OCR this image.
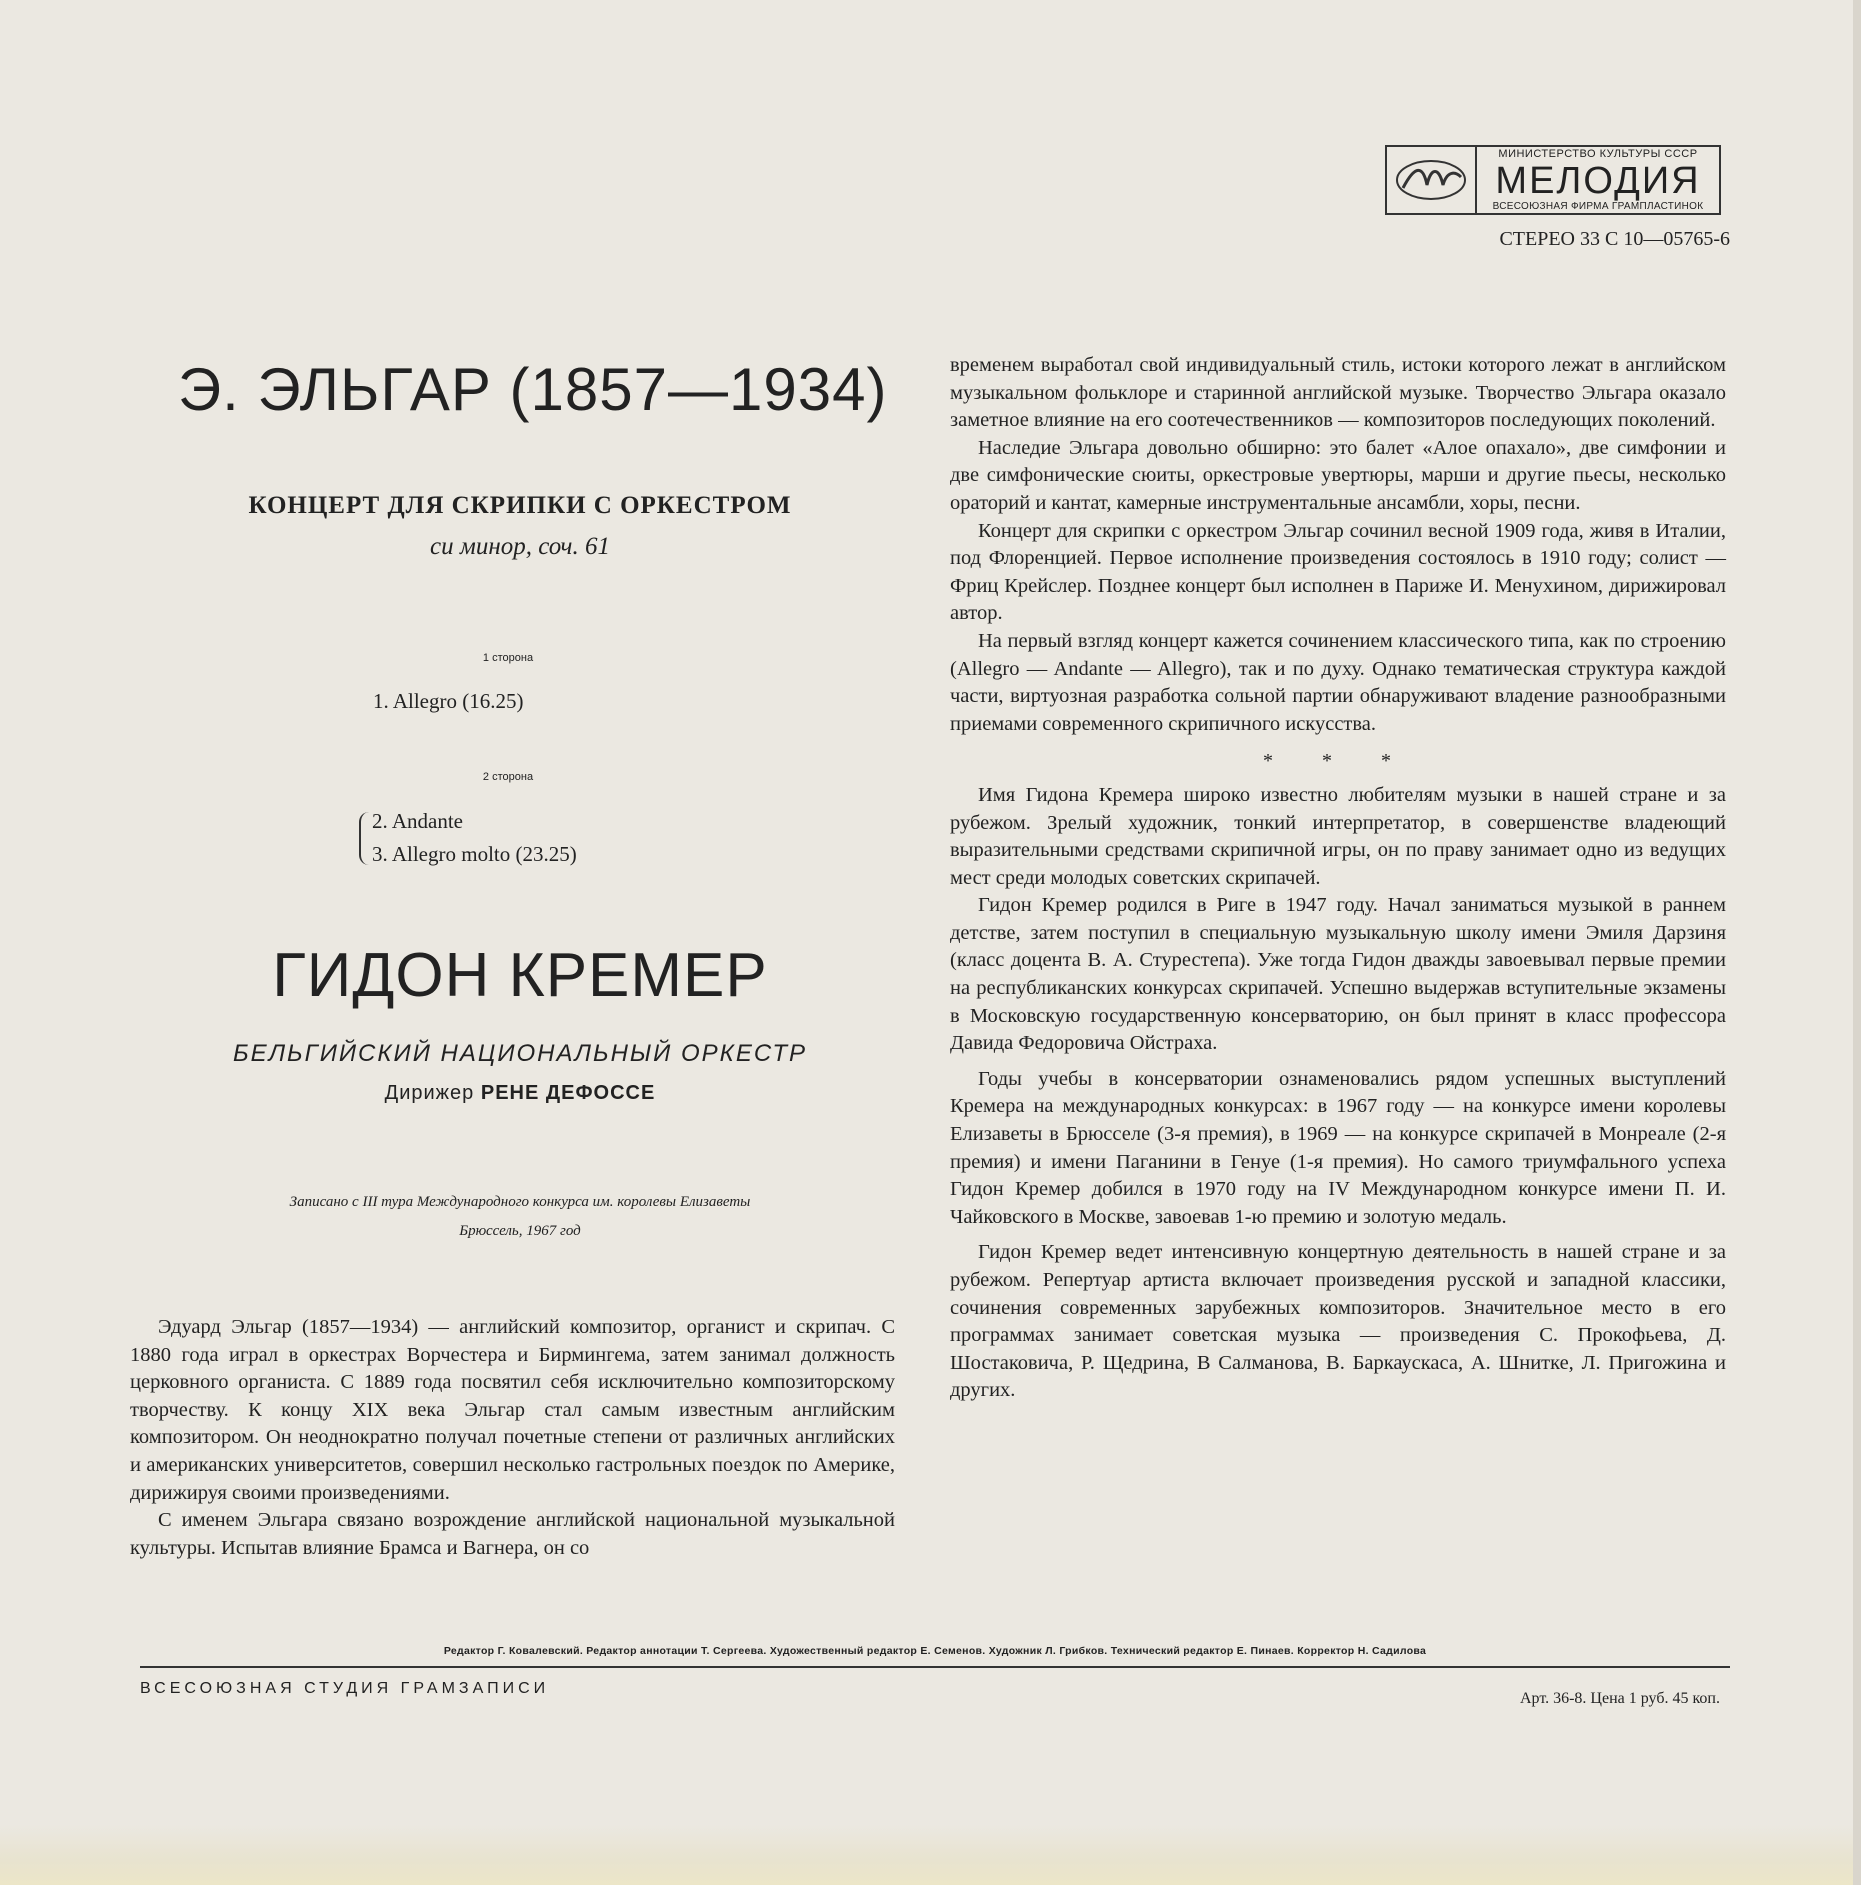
МИНИСТЕРСТВО КУЛЬТУРЫ СССР
МЕЛОДИЯ
ВСЕСОЮЗНАЯ ФИРМА ГРАМПЛАСТИНОК
СТЕРЕО 33 С 10—05765-6
Э. ЭЛЬГАР (1857—1934)
КОНЦЕРТ ДЛЯ СКРИПКИ С ОРКЕСТРОМ
си минор, соч. 61
1 сторона
1. Allegro (16.25)
2 сторона
2. Andante
3. Allegro molto (23.25)
ГИДОН КРЕМЕР
БЕЛЬГИЙСКИЙ НАЦИОНАЛЬНЫЙ ОРКЕСТР
Дирижер РЕНЕ ДЕФОССЕ
Записано с III тура Международного конкурса им. королевы Елизаветы
Брюссель, 1967 год

Эдуард Эльгар (1857—1934) — английский композитор, органист и скрипач. С 1880 года играл в оркестрах Ворчестера и Бирмингема, затем занимал должность церковного органиста. С 1889 года посвятил себя исключительно композиторскому творчеству. К концу XIX века Эльгар стал самым известным английским композитором. Он неоднократно получал почетные степени от различных английских и американских университетов, совершил несколько гастрольных поездок по Америке, дирижируя своими произведениями.

С именем Эльгара связано возрождение английской национальной музыкальной культуры. Испытав влияние Брамса и Вагнера, он со

временем выработал свой индивидуальный стиль, истоки которого лежат в английском музыкальном фольклоре и старинной английской музыке. Творчество Эльгара оказало заметное влияние на его соотечественников — композиторов последующих поколений.

Наследие Эльгара довольно обширно: это балет «Алое опахало», две симфонии и две симфонические сюиты, оркестровые увертюры, марши и другие пьесы, несколько ораторий и кантат, камерные инструментальные ансамбли, хоры, песни.

Концерт для скрипки с оркестром Эльгар сочинил весной 1909 года, живя в Италии, под Флоренцией. Первое исполнение произведения состоялось в 1910 году; солист — Фриц Крейслер. Позднее концерт был исполнен в Париже И. Менухином, дирижировал автор.

На первый взгляд концерт кажется сочинением классического типа, как по строению (Allegro — Andante — Allegro), так и по духу. Однако тематическая структура каждой части, виртуозная разработка сольной партии обнаруживают владение разнообразными приемами современного скрипичного искусства.

* * *

Имя Гидона Кремера широко известно любителям музыки в нашей стране и за рубежом. Зрелый художник, тонкий интерпретатор, в совершенстве владеющий выразительными средствами скрипичной игры, он по праву занимает одно из ведущих мест среди молодых советских скрипачей.

Гидон Кремер родился в Риге в 1947 году. Начал заниматься музыкой в раннем детстве, затем поступил в специальную музыкальную школу имени Эмиля Дарзиня (класс доцента В. А. Стурестепа). Уже тогда Гидон дважды завоевывал первые премии на республиканских конкурсах скрипачей. Успешно выдержав вступительные экзамены в Московскую государственную консерваторию, он был принят в класс профессора Давида Федоровича Ойстраха.

Годы учебы в консерватории ознаменовались рядом успешных выступлений Кремера на международных конкурсах: в 1967 году — на конкурсе имени королевы Елизаветы в Брюсселе (3-я премия), в 1969 — на конкурсе скрипачей в Монреале (2-я премия) и имени Паганини в Генуе (1-я премия). Но самого триумфального успеха Гидон Кремер добился в 1970 году на IV Международном конкурсе имени П. И. Чайковского в Москве, завоевав 1-ю премию и золотую медаль.

Гидон Кремер ведет интенсивную концертную деятельность в нашей стране и за рубежом. Репертуар артиста включает произведения русской и западной классики, сочинения современных зарубежных композиторов. Значительное место в его программах занимает советская музыка — произведения С. Прокофьева, Д. Шостаковича, Р. Щедрина, В Салманова, В. Баркаускаса, А. Шнитке, Л. Пригожина и других.

Редактор Г. Ковалевский. Редактор аннотации Т. Сергеева. Художественный редактор Е. Семенов. Художник Л. Грибков. Технический редактор Е. Пинаев. Корректор Н. Садилова
ВСЕСОЮЗНАЯ СТУДИЯ ГРАМЗАПИСИ
Арт. 36-8. Цена 1 руб. 45 коп.
